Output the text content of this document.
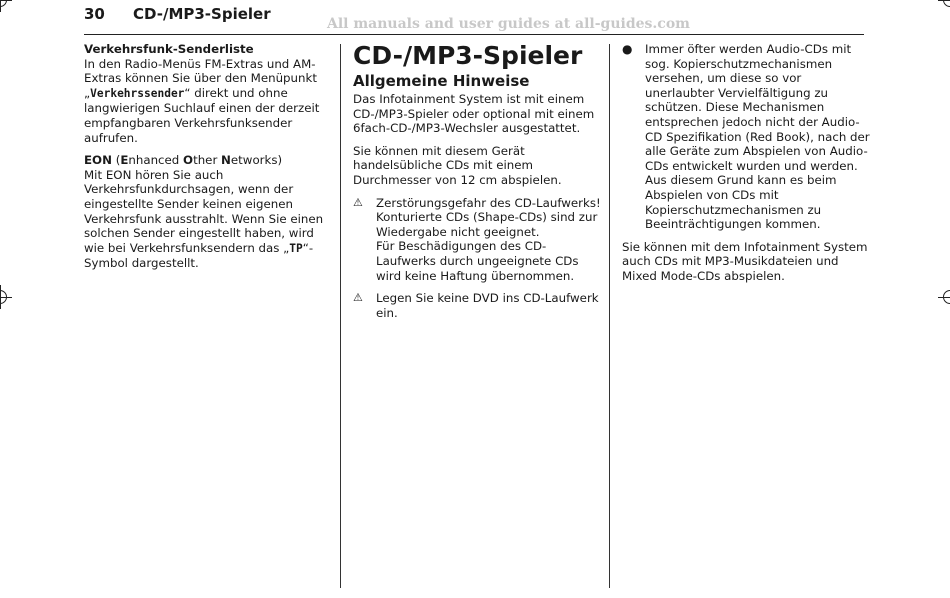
30 CD-/MP3-Spieler
All manuals and user guides at all-guides.com

Verkehrsfunk-Senderliste

In den Radio-Menüs FM-Extras und AM-Extras können Sie über den Menüpunkt „Verkehrssender“ direkt und ohne langwierigen Suchlauf einen der derzeit empfangbaren Verkehrsfunksender aufrufen.

EON (Enhanced Other Networks)

Mit EON hören Sie auch Verkehrsfunkdurchsagen, wenn der eingestellte Sender keinen eigenen Verkehrsfunk ausstrahlt. Wenn Sie einen solchen Sender eingestellt haben, wird wie bei Verkehrsfunksendern das „TP“-Symbol dargestellt.

CD-/MP3-Spieler
Allgemeine Hinweise

Das Infotainment System ist mit einem CD-/MP3-Spieler oder optional mit einem 6fach-CD-/MP3-Wechsler ausgestattet.

Sie können mit diesem Gerät handelsübliche CDs mit einem Durchmesser von 12 cm abspielen.

⚠	Zerstörungsgefahr des CD-Laufwerks! Konturierte CDs (Shape-CDs) sind zur Wiedergabe nicht geeignet.
Für Beschädigungen des CD-Laufwerks durch ungeeignete CDs wird keine Haftung übernommen.
⚠	Legen Sie keine DVD ins CD-Laufwerk ein.
●	Immer öfter werden Audio-CDs mit sog. Kopierschutzmechanismen versehen, um diese so vor unerlaubter Vervielfältigung zu schützen. Diese Mechanismen entsprechen jedoch nicht der Audio-CD Spezifikation (Red Book), nach der alle Geräte zum Abspielen von Audio-CDs entwickelt wurden und werden. Aus diesem Grund kann es beim Abspielen von CDs mit Kopierschutzmechanismen zu Beeinträchtigungen kommen.

Sie können mit dem Infotainment System auch CDs mit MP3-Musikdateien und Mixed Mode-CDs abspielen.
